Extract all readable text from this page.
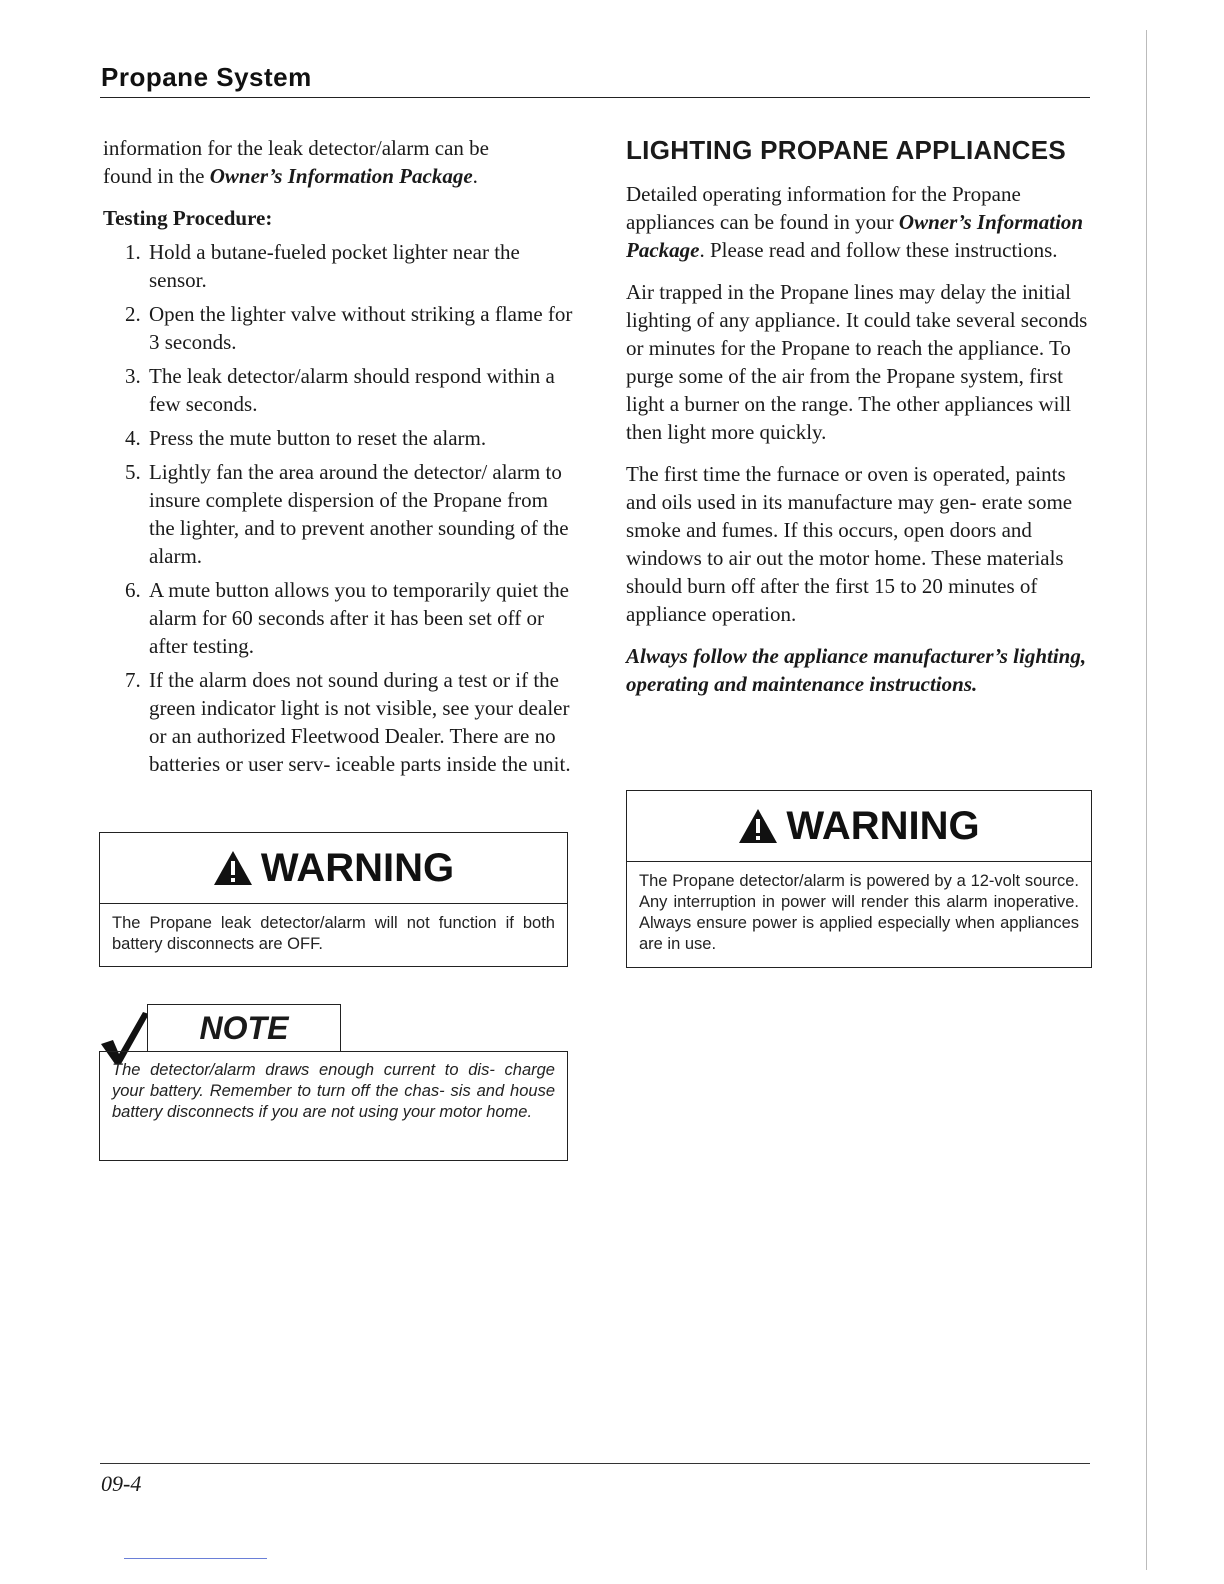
Propane System
information for the leak detector/alarm can be
found in the Owner’s Information Package.
Testing Procedure:
1. Hold a butane-fueled pocket lighter near the sensor.
2. Open the lighter valve without striking a flame for 3 seconds.
3. The leak detector/alarm should respond within a few seconds.
4. Press the mute button to reset the alarm.
5. Lightly fan the area around the detector/ alarm to insure complete dispersion of the Propane from the lighter, and to prevent another sounding of the alarm.
6. A mute button allows you to temporarily quiet the alarm for 60 seconds after it has been set off or after testing.
7. If the alarm does not sound during a test or if the green indicator light is not visible, see your dealer or an authorized Fleetwood Dealer. There are no batteries or user serv- iceable parts inside the unit.
WARNING
The Propane leak detector/alarm will not function if both battery disconnects are OFF.
NOTE
The detector/alarm draws enough current to dis- charge your battery. Remember to turn off the chas- sis and house battery disconnects if you are not using your motor home.
LIGHTING PROPANE APPLIANCES
Detailed operating information for the Propane appliances can be found in your Owner’s Information Package. Please read and follow these instructions.
Air trapped in the Propane lines may delay the initial lighting of any appliance. It could take several seconds or minutes for the Propane to reach the appliance. To purge some of the air from the Propane system, first light a burner on the range. The other appliances will then light more quickly.
The first time the furnace or oven is operated, paints and oils used in its manufacture may gen- erate some smoke and fumes. If this occurs, open doors and windows to air out the motor home. These materials should burn off after the first 15 to 20 minutes of appliance operation.
Always follow the appliance manufacturer’s lighting, operating and maintenance instructions.
WARNING
The Propane detector/alarm is powered by a 12-volt source. Any interruption in power will render this alarm inoperative. Always ensure power is applied especially when appliances are in use.
09-4
